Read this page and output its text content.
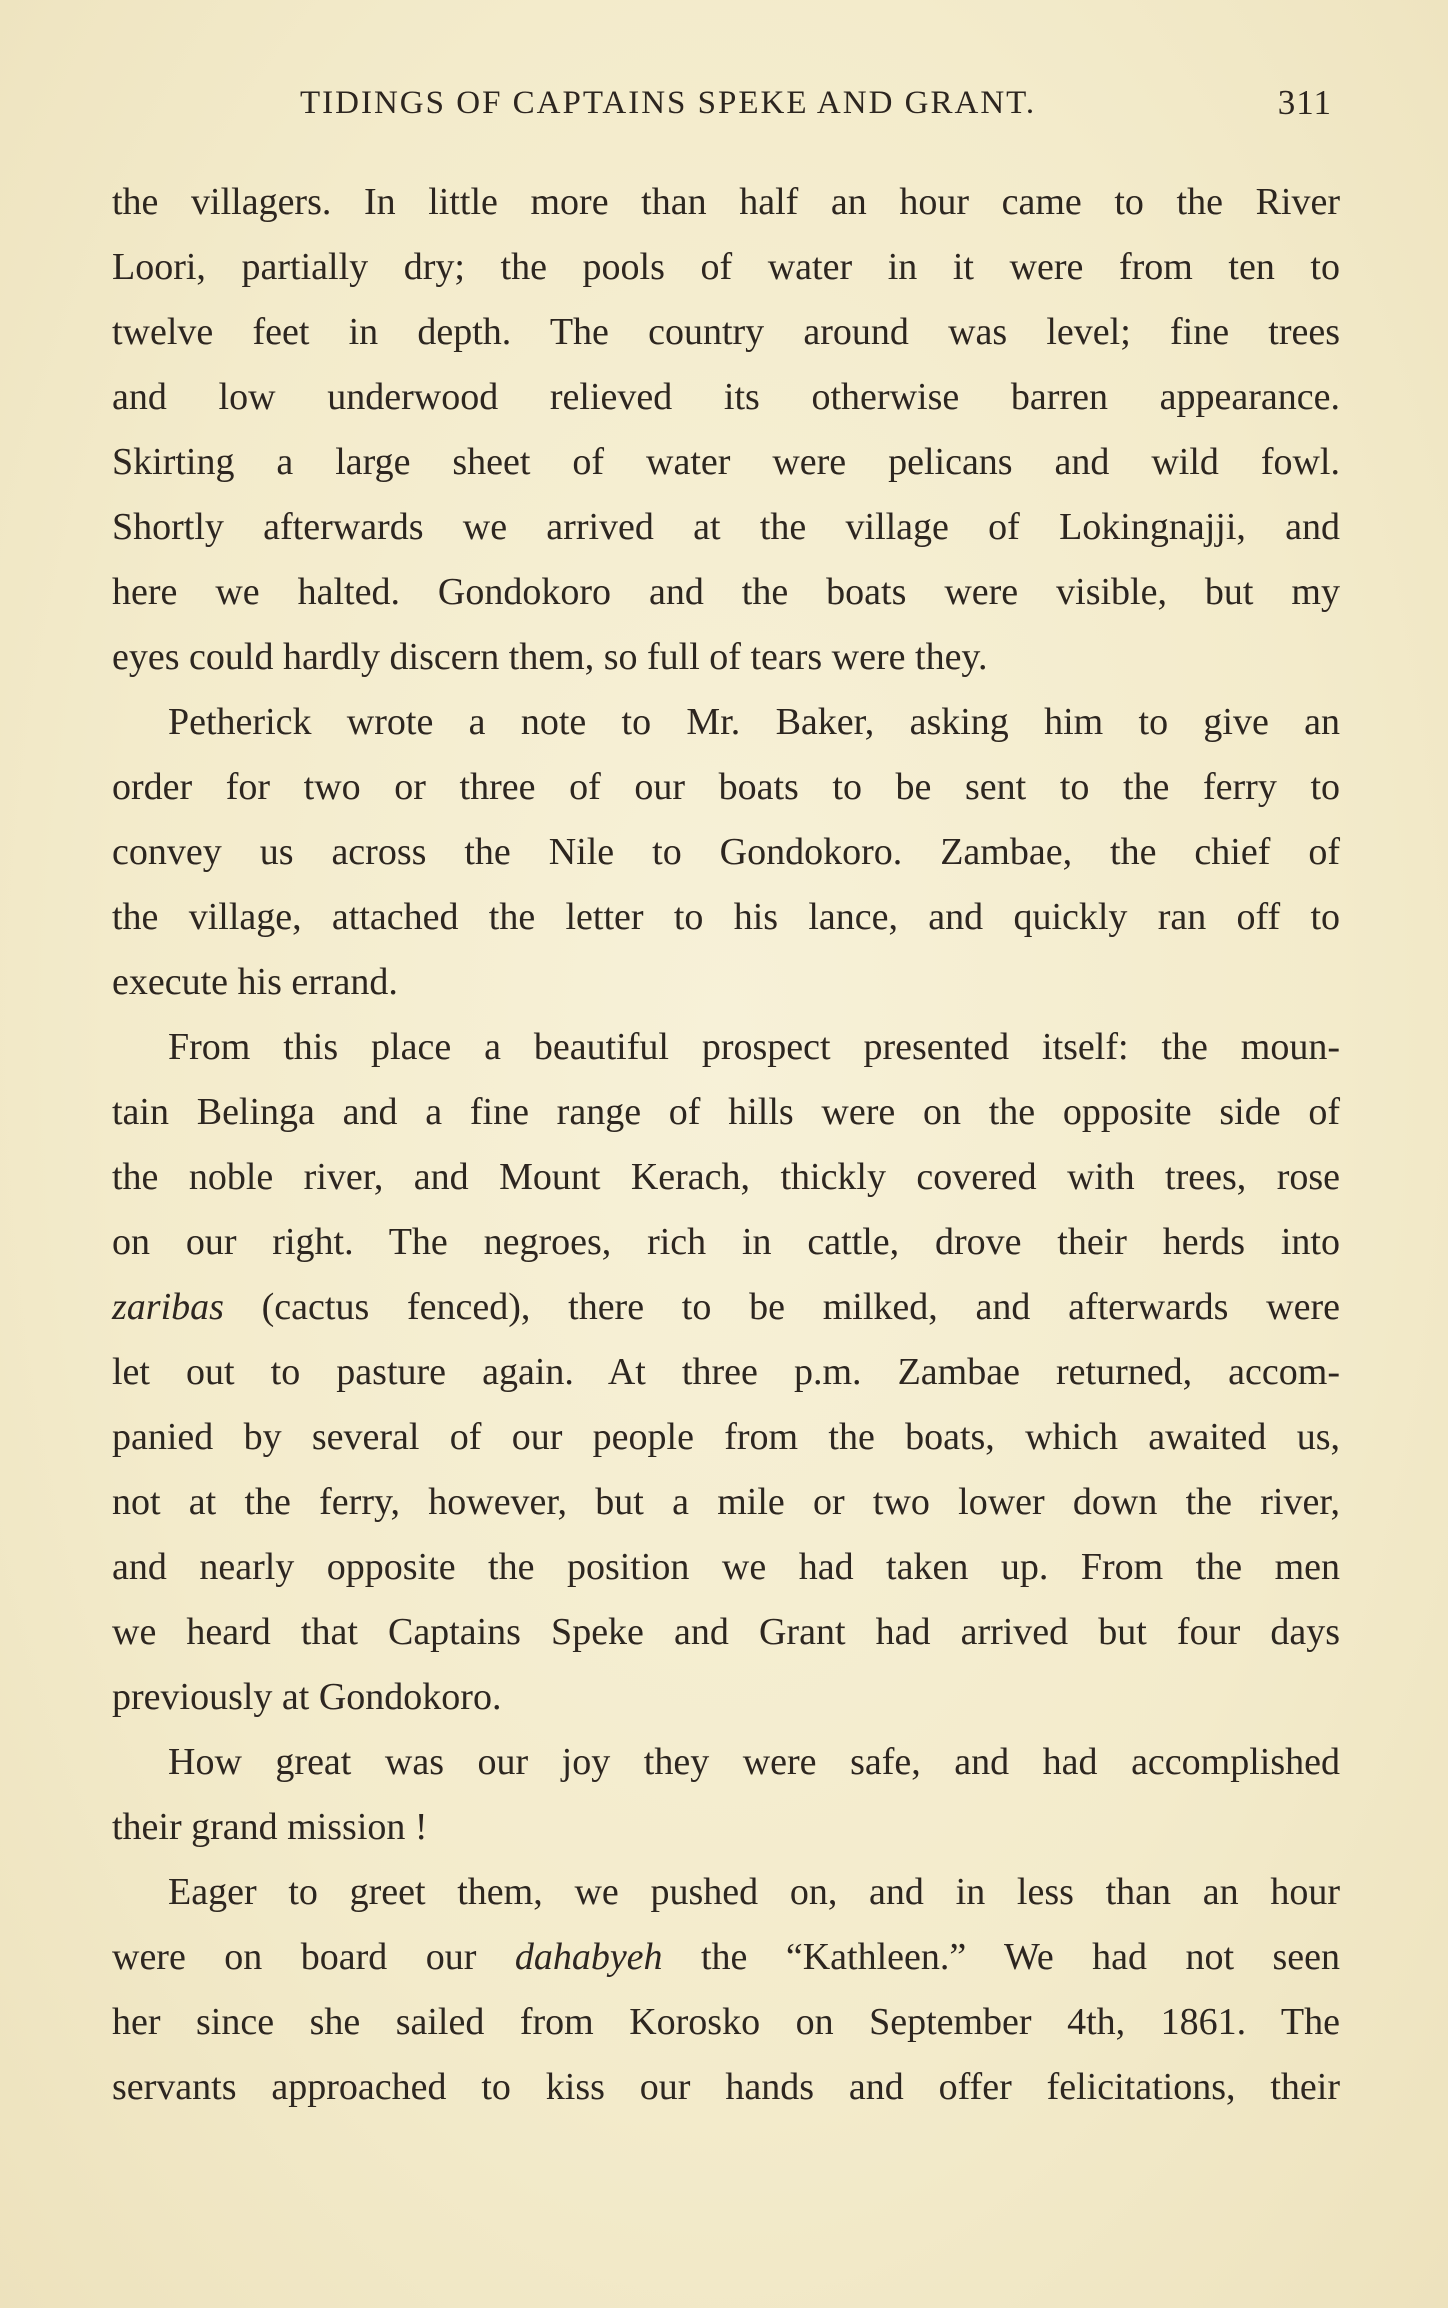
TIDINGS OF CAPTAINS SPEKE AND GRANT.	311
the villagers. In little more than half an hour came to the River
Loori, partially dry; the pools of water in it were from ten to
twelve feet in depth. The country around was level; fine trees
and low underwood relieved its otherwise barren appearance.
Skirting a large sheet of water were pelicans and wild fowl.
Shortly afterwards we arrived at the village of Lokingnajji, and
here we halted. Gondokoro and the boats were visible, but my
eyes could hardly discern them, so full of tears were they.
Petherick wrote a note to Mr. Baker, asking him to give an
order for two or three of our boats to be sent to the ferry to
convey us across the Nile to Gondokoro. Zambae, the chief of
the village, attached the letter to his lance, and quickly ran off to
execute his errand.
From this place a beautiful prospect presented itself: the moun-
tain Belinga and a fine range of hills were on the opposite side of
the noble river, and Mount Kerach, thickly covered with trees, rose
on our right. The negroes, rich in cattle, drove their herds into
zaribas (cactus fenced), there to be milked, and afterwards were
let out to pasture again. At three p.m. Zambae returned, accom-
panied by several of our people from the boats, which awaited us,
not at the ferry, however, but a mile or two lower down the river,
and nearly opposite the position we had taken up. From the men
we heard that Captains Speke and Grant had arrived but four days
previously at Gondokoro.
How great was our joy they were safe, and had accomplished
their grand mission !
Eager to greet them, we pushed on, and in less than an hour
were on board our dahabyeh the “Kathleen.” We had not seen
her since she sailed from Korosko on September 4th, 1861. The
servants approached to kiss our hands and offer felicitations, their
